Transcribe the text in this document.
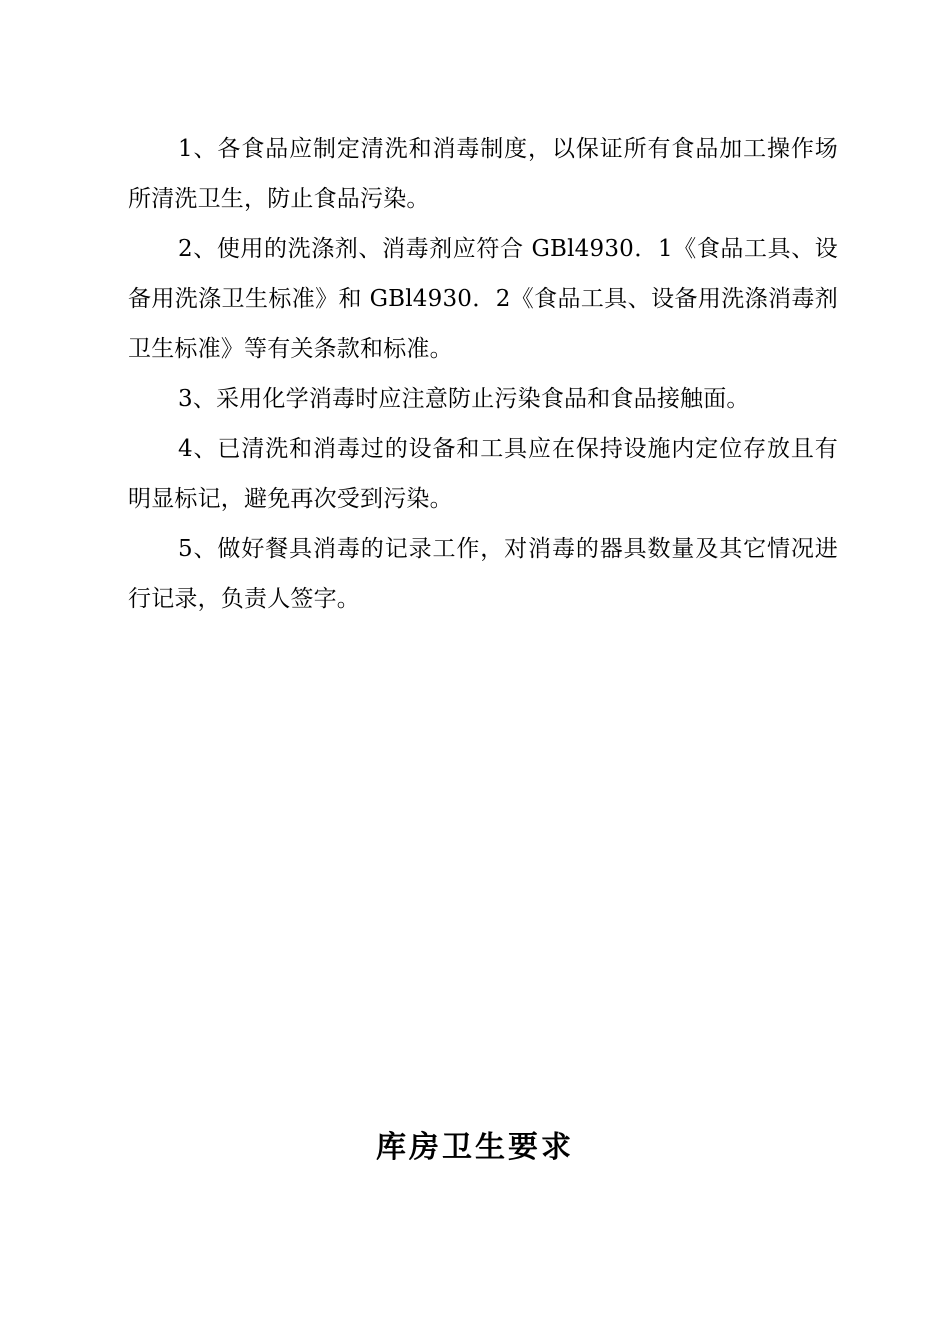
1、各食品应制定清洗和消毒制度，以保证所有食品加工操作场所清洗卫生，防止食品污染。

2、使用的洗涤剂、消毒剂应符合 GBl4930．1《食品工具、设备用洗涤卫生标准》和 GBl4930．2《食品工具、设备用洗涤消毒剂卫生标准》等有关条款和标准。

3、采用化学消毒时应注意防止污染食品和食品接触面。

4、已清洗和消毒过的设备和工具应在保持设施内定位存放且有明显标记，避免再次受到污染。

5、做好餐具消毒的记录工作，对消毒的器具数量及其它情况进行记录，负责人签字。

库房卫生要求
